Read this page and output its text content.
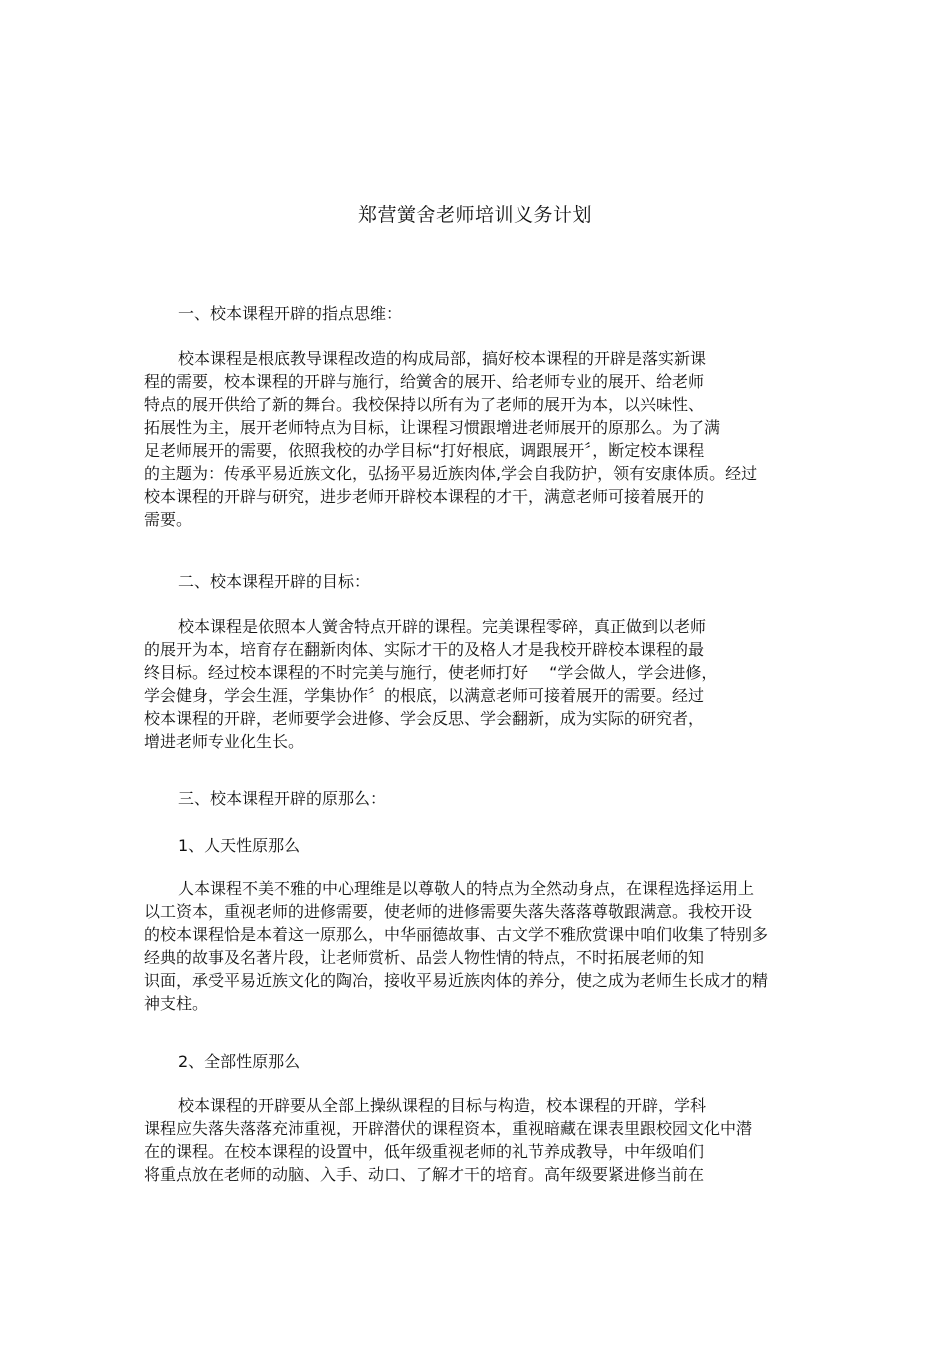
郑营黉舍老师培训义务计划

一、校本课程开辟的指点思维：

校本课程是根底教导课程改造的构成局部，搞好校本课程的开辟是落实新课
程的需要，校本课程的开辟与施行，给黉舍的展开、给老师专业的展开、给老师
特点的展开供给了新的舞台。我校保持以所有为了老师的展开为本，以兴味性、
拓展性为主，展开老师特点为目标，让课程习惯跟增进老师展开的原那么。为了满
足老师展开的需要，依照我校的办学目标“打好根底，调跟展开〞，断定校本课程
的主题为：传承平易近族文化，弘扬平易近族肉体,学会自我防护，领有安康体质。经过
校本课程的开辟与研究，进步老师开辟校本课程的才干，满意老师可接着展开的
需要。

二、校本课程开辟的目标：

校本课程是依照本人黉舍特点开辟的课程。完美课程零碎，真正做到以老师
的展开为本，培育存在翻新肉体、实际才干的及格人才是我校开辟校本课程的最
终目标。经过校本课程的不时完美与施行，使老师打好　 “学会做人，学会进修，
学会健身，学会生涯，学集协作〞的根底，以满意老师可接着展开的需要。经过
校本课程的开辟，老师要学会进修、学会反思、学会翻新，成为实际的研究者，
增进老师专业化生长。

三、校本课程开辟的原那么：

1、人天性原那么

人本课程不美不雅的中心理维是以尊敬人的特点为全然动身点，在课程选择运用上
以工资本，重视老师的进修需要，使老师的进修需要失落失落落尊敬跟满意。我校开设
的校本课程恰是本着这一原那么，中华丽德故事、古文学不雅欣赏课中咱们收集了特别多
经典的故事及名著片段，让老师赏析、品尝人物性情的特点，不时拓展老师的知
识面，承受平易近族文化的陶冶，接收平易近族肉体的养分，使之成为老师生长成才的精
神支柱。

2、全部性原那么

校本课程的开辟要从全部上操纵课程的目标与构造，校本课程的开辟，学科
课程应失落失落落充沛重视，开辟潜伏的课程资本，重视暗藏在课表里跟校园文化中潜
在的课程。在校本课程的设置中，低年级重视老师的礼节养成教导，中年级咱们
将重点放在老师的动脑、入手、动口、了解才干的培育。高年级要紧进修当前在
